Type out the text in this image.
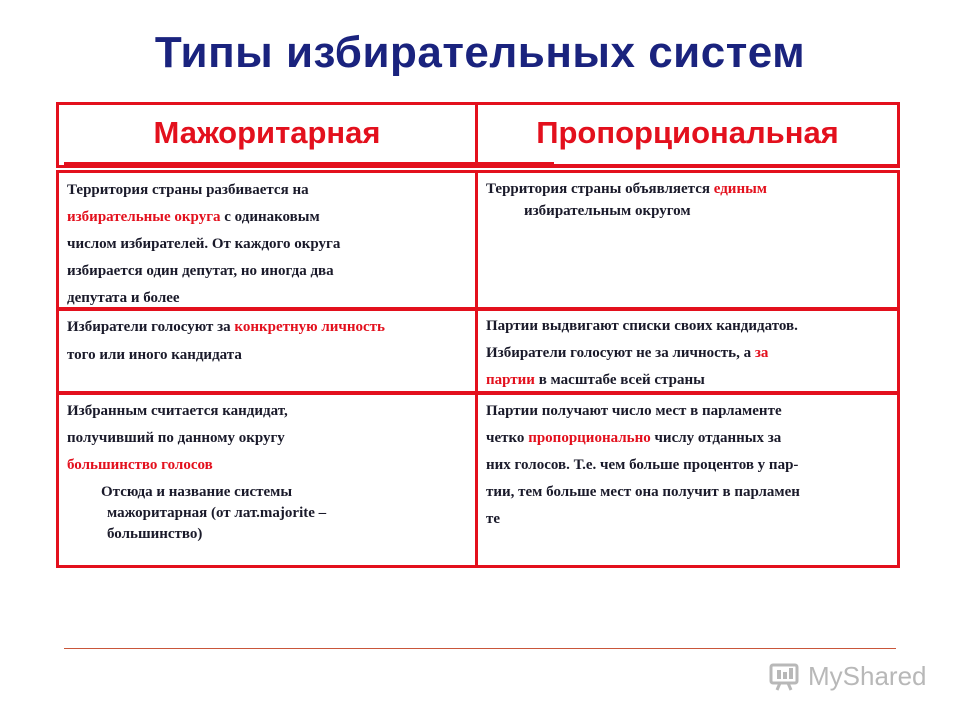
Типы избирательных систем
Мажоритарная	Пропорциональная
Территория страны разбивается на
избирательные округа с одинаковым
числом избирателей. От каждого округа
избирается один депутат, но иногда два
депутата и более
Территория страны объявляется единым

избирательным округом
Избиратели голосуют за конкретную личность
того или иного кандидата
Партии выдвигают списки своих кандидатов.
Избиратели голосуют не за личность, а за
партии в масштабе всей страны
Избранным считается кандидат,
получивший по данному округу
большинство голосов
Отсюда и название системы
мажоритарная (от лат.majorite –
большинство)
Партии получают число мест в парламенте
четко пропорционально числу отданных за
них голосов. Т.е. чем больше процентов у пар-
тии, тем больше мест она получит в парламен
те
MyShared
